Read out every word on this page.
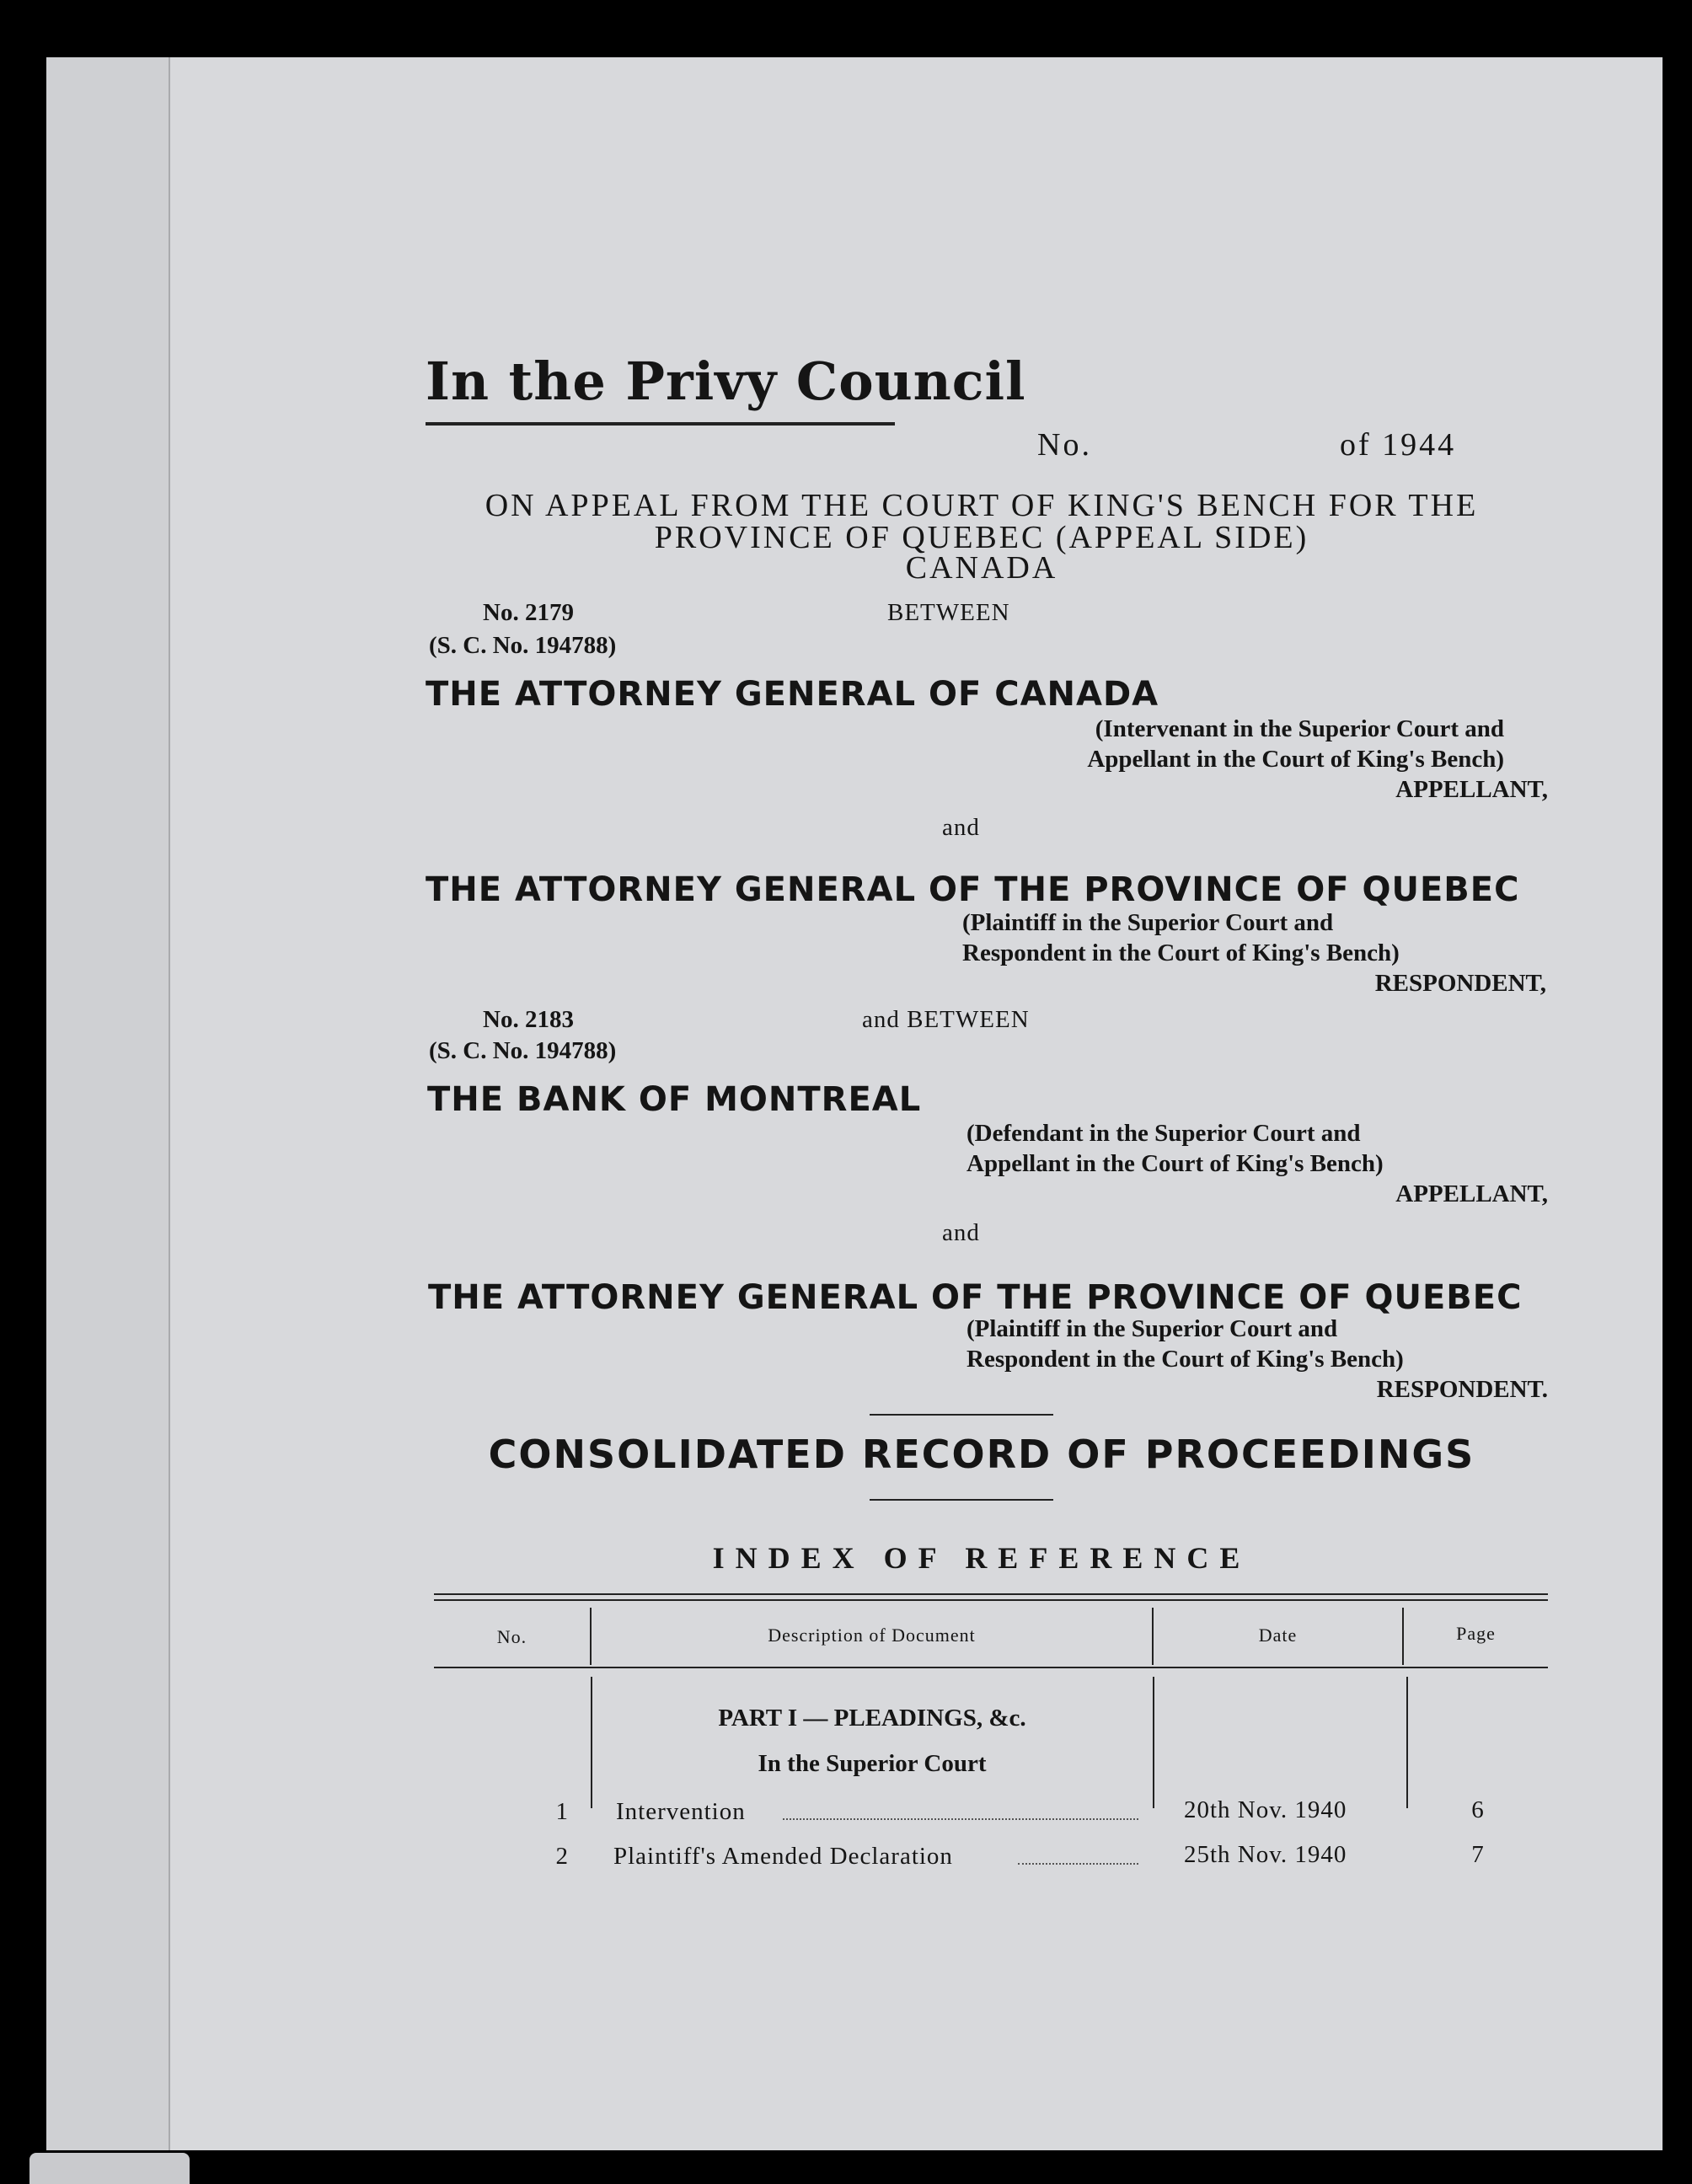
In the Privy Council
No.	of 1944
ON APPEAL FROM THE COURT OF KING'S BENCH FOR THE
PROVINCE OF QUEBEC (APPEAL SIDE)
CANADA
No. 2179	BETWEEN
(S. C. No. 194788)
THE ATTORNEY GENERAL OF CANADA
(Intervenant in the Superior Court and
Appellant in the Court of King's Bench)
APPELLANT,
and
THE ATTORNEY GENERAL OF THE PROVINCE OF QUEBEC
(Plaintiff in the Superior Court and
Respondent in the Court of King's Bench)
RESPONDENT,
No. 2183	and BETWEEN
(S. C. No. 194788)
THE BANK OF MONTREAL
(Defendant in the Superior Court and
Appellant in the Court of King's Bench)
APPELLANT,
and
THE ATTORNEY GENERAL OF THE PROVINCE OF QUEBEC
(Plaintiff in the Superior Court and
Respondent in the Court of King's Bench)
RESPONDENT.
CONSOLIDATED RECORD OF PROCEEDINGS
INDEX OF REFERENCE
No.	Description of Document	Date	Page
PART I — PLEADINGS, &c.
In the Superior Court
1 Intervention	20th Nov. 1940	6
2 Plaintiff's Amended Declaration	25th Nov. 1940	7
